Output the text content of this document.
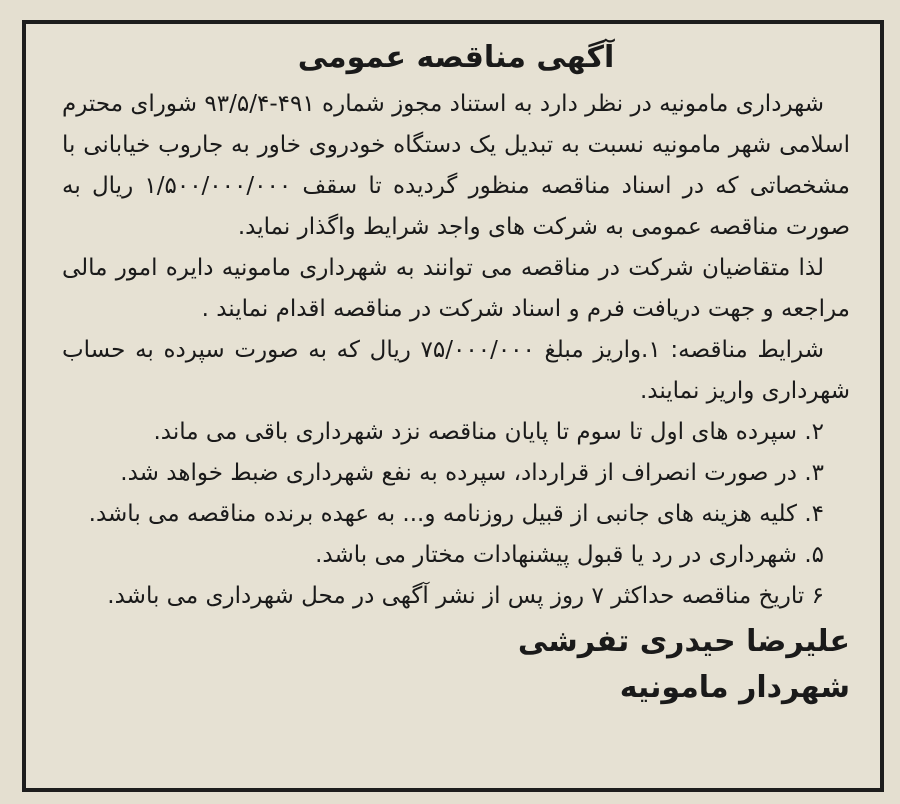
آگهی مناقصه عمومی

شهرداری مامونیه در نظر دارد به استناد مجوز شماره ۴۹۱-۹۳/۵/۴ شورای محترم اسلامی شهر مامونیه نسبت به تبدیل یک دستگاه خودروی خاور به جاروب خیابانی با مشخصاتی که در اسناد مناقصه منظور گردیده تا سقف ۱/۵۰۰/۰۰۰/۰۰۰ ریال به صورت مناقصه عمومی به شرکت های واجد شرایط واگذار نماید.

لذا متقاضیان شرکت در مناقصه می توانند به شهرداری مامونیه دایره امور مالی مراجعه و جهت دریافت فرم و اسناد شرکت در مناقصه اقدام نمایند .

شرایط مناقصه: ۱.واریز مبلغ ۷۵/۰۰۰/۰۰۰ ریال که به صورت سپرده به حساب شهرداری واریز نمایند.

۲. سپرده های اول تا سوم تا پایان مناقصه نزد شهرداری باقی می ماند.

۳. در صورت انصراف از قرارداد، سپرده به نفع شهرداری ضبط خواهد شد.

۴. کلیه هزینه های جانبی از قبیل روزنامه و... به عهده برنده مناقصه می باشد.

۵. شهرداری در رد یا قبول پیشنهادات مختار می باشد.

۶ تاریخ مناقصه حداکثر ۷ روز پس از نشر آگهی در محل شهرداری می باشد.

علیرضا حیدری تفرشی
شهردار مامونیه
